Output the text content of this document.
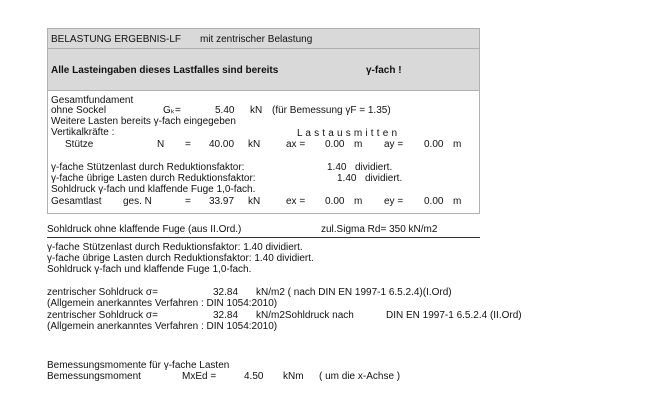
BELASTUNG ERGEBNIS-LF mit zentrischer Belastung
Alle Lasteingaben dieses Lastfalles sind bereits	γ-fach !
Gesamtfundament
ohne Sockel	Gₖ=	5.40 kN (für Bemessung γF = 1.35)
Weitere Lasten bereits γ-fach eingegeben
Vertikalkräfte :	L a s t a u s m i t t e n
Stütze	N = 40.00 kN	ax = 0.00 m ay = 0.00 m
γ-fache Stützenlast durch Reduktionsfaktor:	1.40 dividiert.
γ-fache übrige Lasten durch Reduktionsfaktor:	1.40 dividiert.
Sohldruck γ-fach und klaffende Fuge 1,0-fach.
Gesamtlast ges. N	= 33.97 kN	ex = 0.00 m ey = 0.00 m
Sohldruck ohne klaffende Fuge (aus II.Ord.)	zul.Sigma Rd= 350 kN/m2
γ-fache Stützenlast durch Reduktionsfaktor: 1.40 dividiert.
γ-fache übrige Lasten durch Reduktionsfaktor: 1.40 dividiert.
Sohldruck γ-fach und klaffende Fuge 1,0-fach.
zentrischer Sohldruck σ=	32.84 kN/m2 ( nach DIN EN 1997-1 6.5.2.4)(I.Ord)
(Allgemein anerkanntes Verfahren : DIN 1054:2010)
zentrischer Sohldruck σ=	32.84 kN/m2Sohldruck nach	DIN EN 1997-1 6.5.2.4 (II.Ord)
(Allgemein anerkanntes Verfahren : DIN 1054:2010)
Bemessungsmomente für γ-fache Lasten
Bemessungsmoment	MxEd =	4.50 kNm ( um die x-Achse )
